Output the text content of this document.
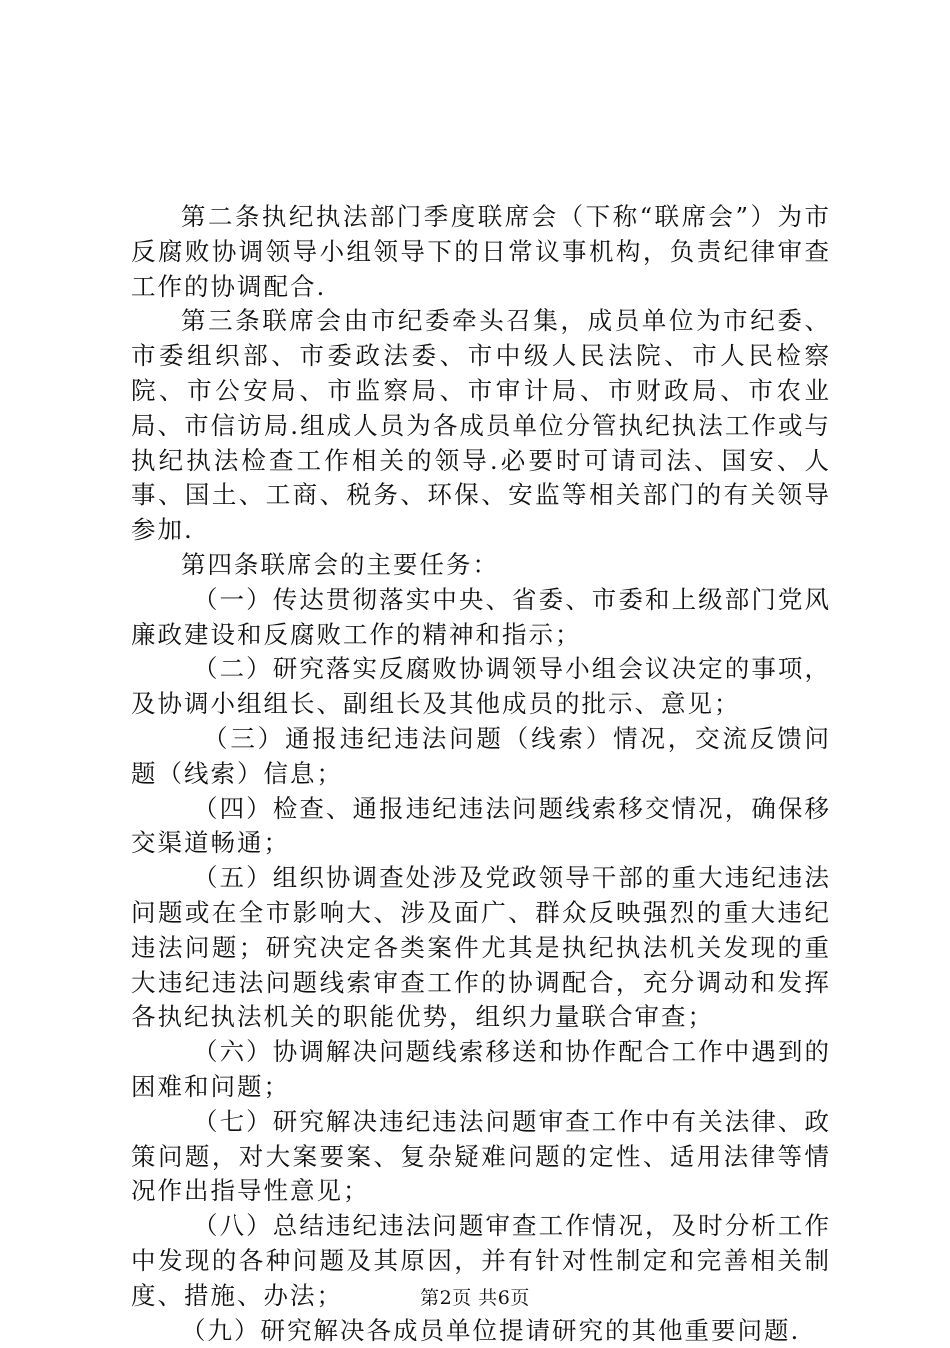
第二条执纪执法部门季度联席会（下称“联席会”）为市反腐败协调领导小组领导下的日常议事机构，负责纪律审查工作的协调配合.

第三条联席会由市纪委牵头召集，成员单位为市纪委、市委组织部、市委政法委、市中级人民法院、市人民检察院、市公安局、市监察局、市审计局、市财政局、市农业局、市信访局.组成人员为各成员单位分管执纪执法工作或与执纪执法检查工作相关的领导.必要时可请司法、国安、人事、国土、工商、税务、环保、安监等相关部门的有关领导参加.

第四条联席会的主要任务：

（一）传达贯彻落实中央、省委、市委和上级部门党风廉政建设和反腐败工作的精神和指示；

（二）研究落实反腐败协调领导小组会议决定的事项，及协调小组组长、副组长及其他成员的批示、意见；

（三）通报违纪违法问题（线索）情况，交流反馈问题（线索）信息；

（四）检查、通报违纪违法问题线索移交情况，确保移交渠道畅通；

（五）组织协调查处涉及党政领导干部的重大违纪违法问题或在全市影响大、涉及面广、群众反映强烈的重大违纪违法问题；研究决定各类案件尤其是执纪执法机关发现的重大违纪违法问题线索审查工作的协调配合，充分调动和发挥各执纪执法机关的职能优势，组织力量联合审查；

（六）协调解决问题线索移送和协作配合工作中遇到的困难和问题；

（七）研究解决违纪违法问题审查工作中有关法律、政策问题，对大案要案、复杂疑难问题的定性、适用法律等情况作出指导性意见；

（八）总结违纪违法问题审查工作情况，及时分析工作中发现的各种问题及其原因，并有针对性制定和完善相关制度、措施、办法；

（九）研究解决各成员单位提请研究的其他重要问题.

第2页 共6页
